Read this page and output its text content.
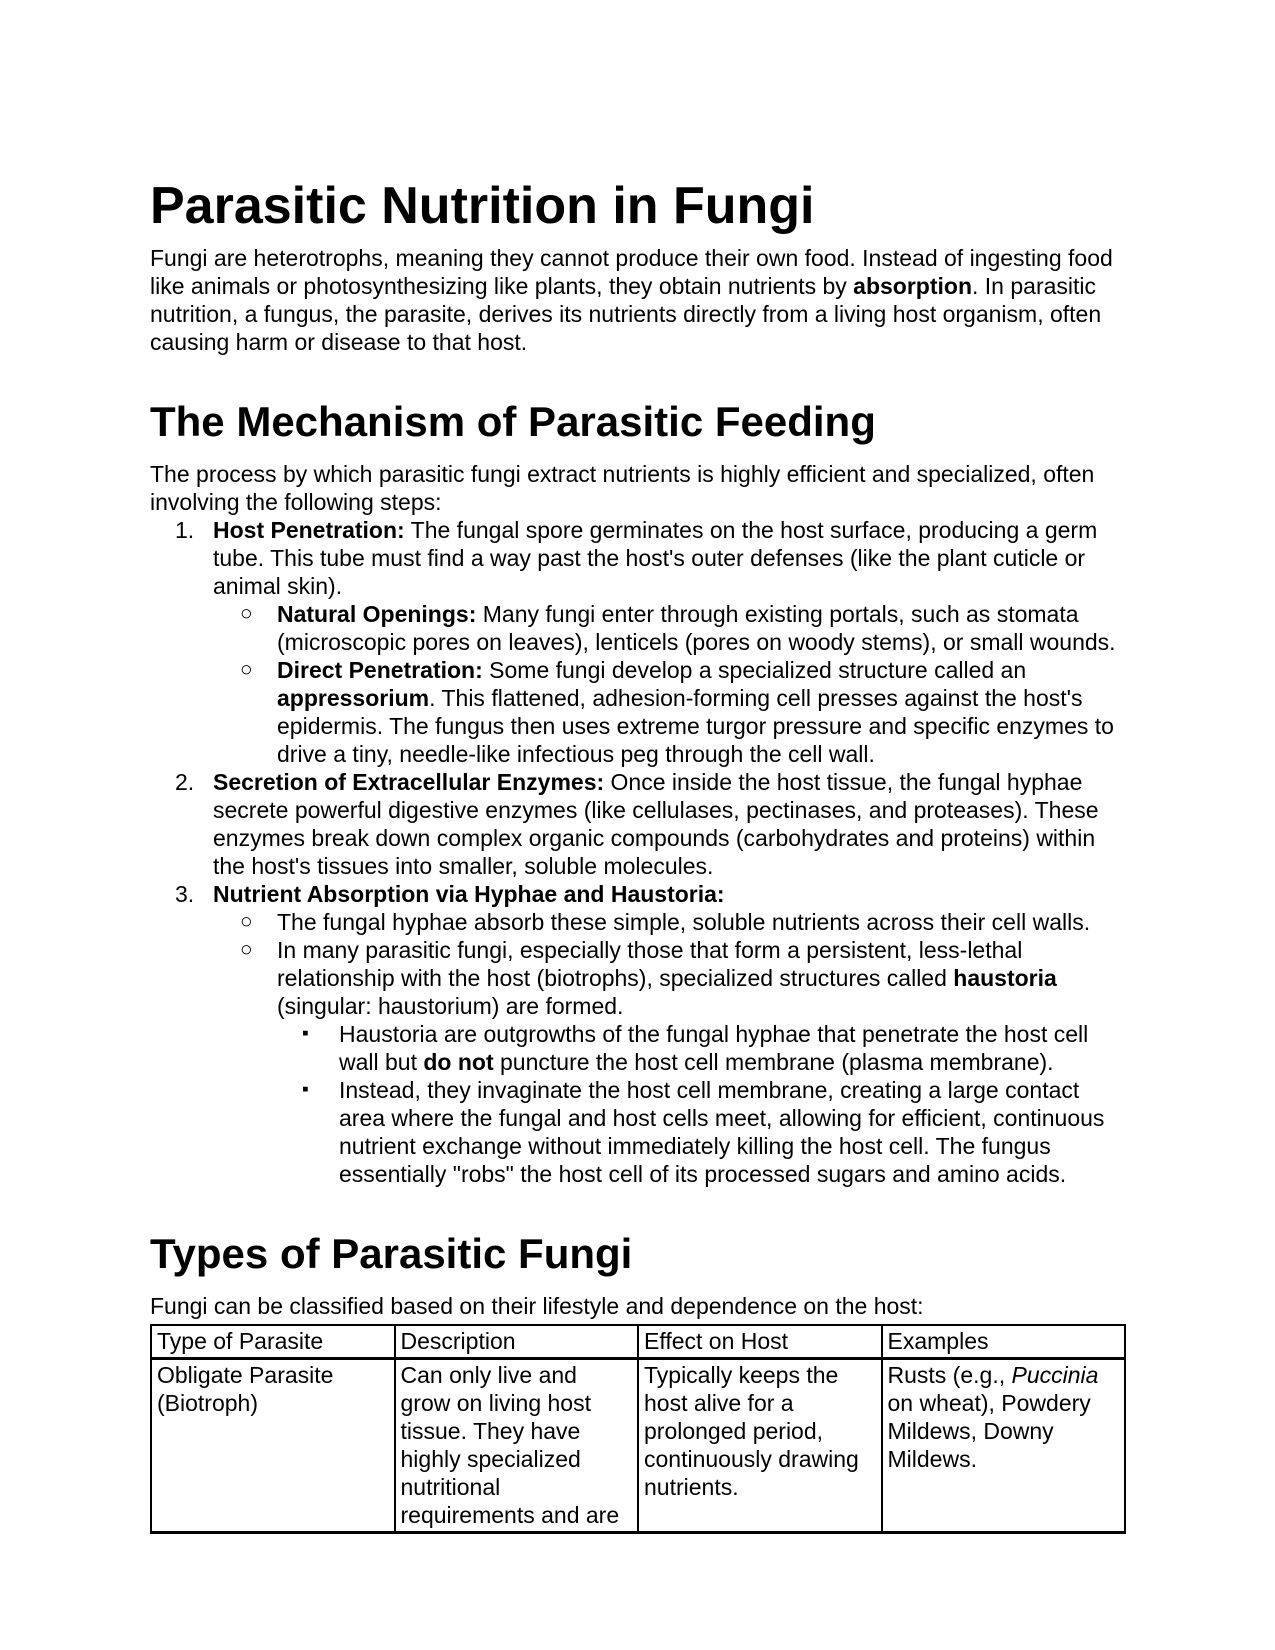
Parasitic Nutrition in Fungi

Fungi are heterotrophs, meaning they cannot produce their own food. Instead of ingesting food like animals or photosynthesizing like plants, they obtain nutrients by absorption. In parasitic nutrition, a fungus, the parasite, derives its nutrients directly from a living host organism, often causing harm or disease to that host.

The Mechanism of Parasitic Feeding

The process by which parasitic fungi extract nutrients is highly efficient and specialized, often involving the following steps:

1. Host Penetration: The fungal spore germinates on the host surface, producing a germ tube. This tube must find a way past the host's outer defenses (like the plant cuticle or animal skin).
○	Natural Openings: Many fungi enter through existing portals, such as stomata (microscopic pores on leaves), lenticels (pores on woody stems), or small wounds.
○	Direct Penetration: Some fungi develop a specialized structure called an appressorium. This flattened, adhesion-forming cell presses against the host's epidermis. The fungus then uses extreme turgor pressure and specific enzymes to drive a tiny, needle-like infectious peg through the cell wall.
2. Secretion of Extracellular Enzymes: Once inside the host tissue, the fungal hyphae secrete powerful digestive enzymes (like cellulases, pectinases, and proteases). These enzymes break down complex organic compounds (carbohydrates and proteins) within the host's tissues into smaller, soluble molecules.
3. Nutrient Absorption via Hyphae and Haustoria:
○	The fungal hyphae absorb these simple, soluble nutrients across their cell walls.
○	In many parasitic fungi, especially those that form a persistent, less-lethal relationship with the host (biotrophs), specialized structures called haustoria (singular: haustorium) are formed.
▪	Haustoria are outgrowths of the fungal hyphae that penetrate the host cell wall but do not puncture the host cell membrane (plasma membrane).
▪	Instead, they invaginate the host cell membrane, creating a large contact area where the fungal and host cells meet, allowing for efficient, continuous nutrient exchange without immediately killing the host cell. The fungus essentially "robs" the host cell of its processed sugars and amino acids.
Types of Parasitic Fungi

Fungi can be classified based on their lifestyle and dependence on the host:

Type of Parasite	Description	Effect on Host	Examples
Obligate Parasite (Biotroph)	Can only live and grow on living host tissue. They have highly specialized nutritional requirements and are	Typically keeps the host alive for a prolonged period, continuously drawing nutrients.	Rusts (e.g., Puccinia on wheat), Powdery Mildews, Downy Mildews.
